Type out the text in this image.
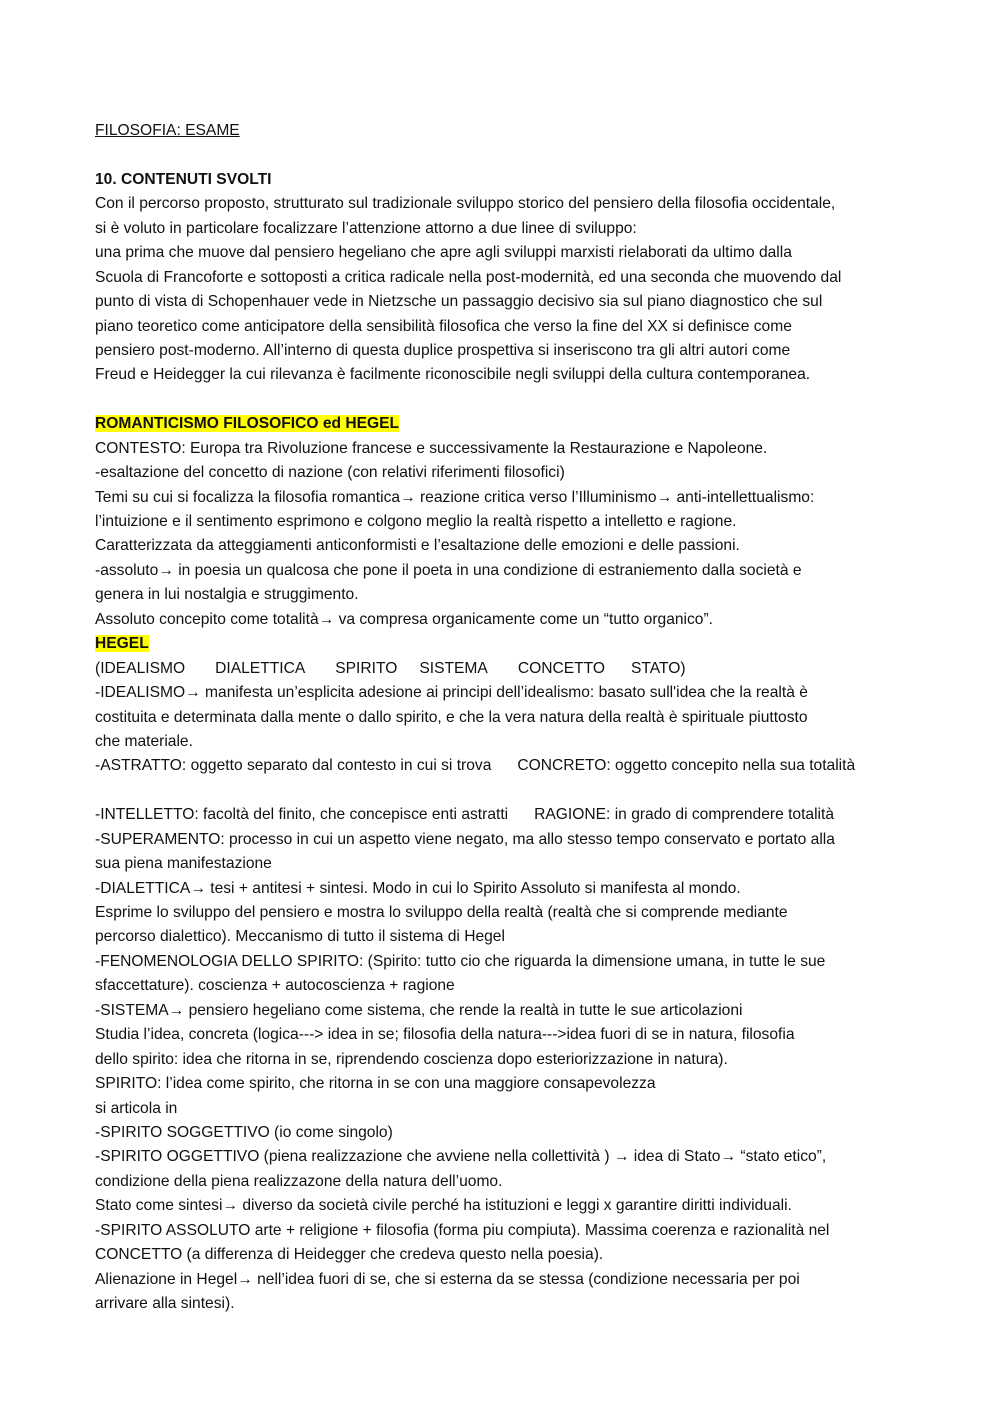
FILOSOFIA: ESAME
10. CONTENUTI SVOLTI
Con il percorso proposto, strutturato sul tradizionale sviluppo storico del pensiero della filosofia occidentale,
si è voluto in particolare focalizzare l’attenzione attorno a due linee di sviluppo:
una prima che muove dal pensiero hegeliano che apre agli sviluppi marxisti rielaborati da ultimo dalla
Scuola di Francoforte e sottoposti a critica radicale nella post-modernità, ed una seconda che muovendo dal
punto di vista di Schopenhauer vede in Nietzsche un passaggio decisivo sia sul piano diagnostico che sul
piano teoretico come anticipatore della sensibilità filosofica che verso la fine del XX si definisce come
pensiero post-moderno. All’interno di questa duplice prospettiva si inseriscono tra gli altri autori come
Freud e Heidegger la cui rilevanza è facilmente riconoscibile negli sviluppi della cultura contemporanea.
ROMANTICISMO FILOSOFICO ed HEGEL
CONTESTO: Europa tra Rivoluzione francese e successivamente la Restaurazione e Napoleone.
-esaltazione del concetto di nazione (con relativi riferimenti filosofici)
Temi su cui si focalizza la filosofia romantica→ reazione critica verso l’Illuminismo→ anti-intellettualismo:
l’intuizione e il sentimento esprimono e colgono meglio la realtà rispetto a intelletto e ragione.
Caratterizzata da atteggiamenti anticonformisti e l’esaltazione delle emozioni e delle passioni.
-assoluto→ in poesia un qualcosa che pone il poeta in una condizione di estraniemento dalla società e
genera in lui nostalgia e struggimento.
Assoluto concepito come totalità→ va compresa organicamente come un “tutto organico”.
HEGEL
(IDEALISMO DIALETTICA SPIRITO SISTEMA CONCETTO STATO)
-IDEALISMO→ manifesta un’esplicita adesione ai principi dell’idealismo: basato sull'idea che la realtà è
costituita e determinata dalla mente o dallo spirito, e che la vera natura della realtà è spirituale piuttosto
che materiale.
-ASTRATTO: oggetto separato dal contesto in cui si trova CONCRETO: oggetto concepito nella sua totalità
-INTELLETTO: facoltà del finito, che concepisce enti astratti RAGIONE: in grado di comprendere totalità
-SUPERAMENTO: processo in cui un aspetto viene negato, ma allo stesso tempo conservato e portato alla
sua piena manifestazione
-DIALETTICA→ tesi + antitesi + sintesi. Modo in cui lo Spirito Assoluto si manifesta al mondo.
Esprime lo sviluppo del pensiero e mostra lo sviluppo della realtà (realtà che si comprende mediante
percorso dialettico). Meccanismo di tutto il sistema di Hegel
-FENOMENOLOGIA DELLO SPIRITO: (Spirito: tutto cio che riguarda la dimensione umana, in tutte le sue
sfaccettature). coscienza + autocoscienza + ragione
-SISTEMA→ pensiero hegeliano come sistema, che rende la realtà in tutte le sue articolazioni
Studia l’idea, concreta (logica---> idea in se; filosofia della natura--->idea fuori di se in natura, filosofia
dello spirito: idea che ritorna in se, riprendendo coscienza dopo esteriorizzazione in natura).
SPIRITO: l’idea come spirito, che ritorna in se con una maggiore consapevolezza
si articola in
-SPIRITO SOGGETTIVO (io come singolo)
-SPIRITO OGGETTIVO (piena realizzazione che avviene nella collettività ) → idea di Stato→ “stato etico”,
condizione della piena realizzazone della natura dell’uomo.
Stato come sintesi→ diverso da società civile perché ha istituzioni e leggi x garantire diritti individuali.
-SPIRITO ASSOLUTO arte + religione + filosofia (forma piu compiuta). Massima coerenza e razionalità nel
CONCETTO (a differenza di Heidegger che credeva questo nella poesia).
Alienazione in Hegel→ nell’idea fuori di se, che si esterna da se stessa (condizione necessaria per poi
arrivare alla sintesi).
